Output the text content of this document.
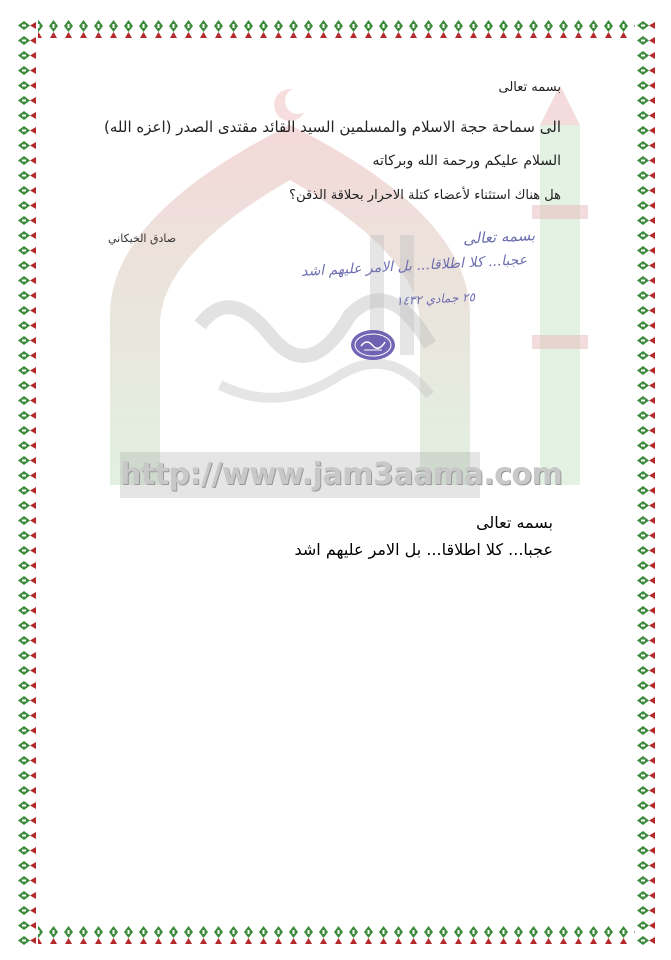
http://www.jam3aama.com
بسمه تعالى
الى سماحة حجة الاسلام والمسلمين السيد القائد مقتدى الصدر (اعزه الله)
السلام عليكم ورحمة الله وبركاته
هل هناك استثناء لأعضاء كتلة الاحرار بحلاقة الذقن؟
صادق الخيكاني	بسمه تعالى
عجبا... كلا اطلاقا... بل الامر عليهم اشد
٢٥ جمادي ١٤٣٢
بسمه تعالى
عجبا... كلا اطلاقا... بل الامر عليهم اشد
